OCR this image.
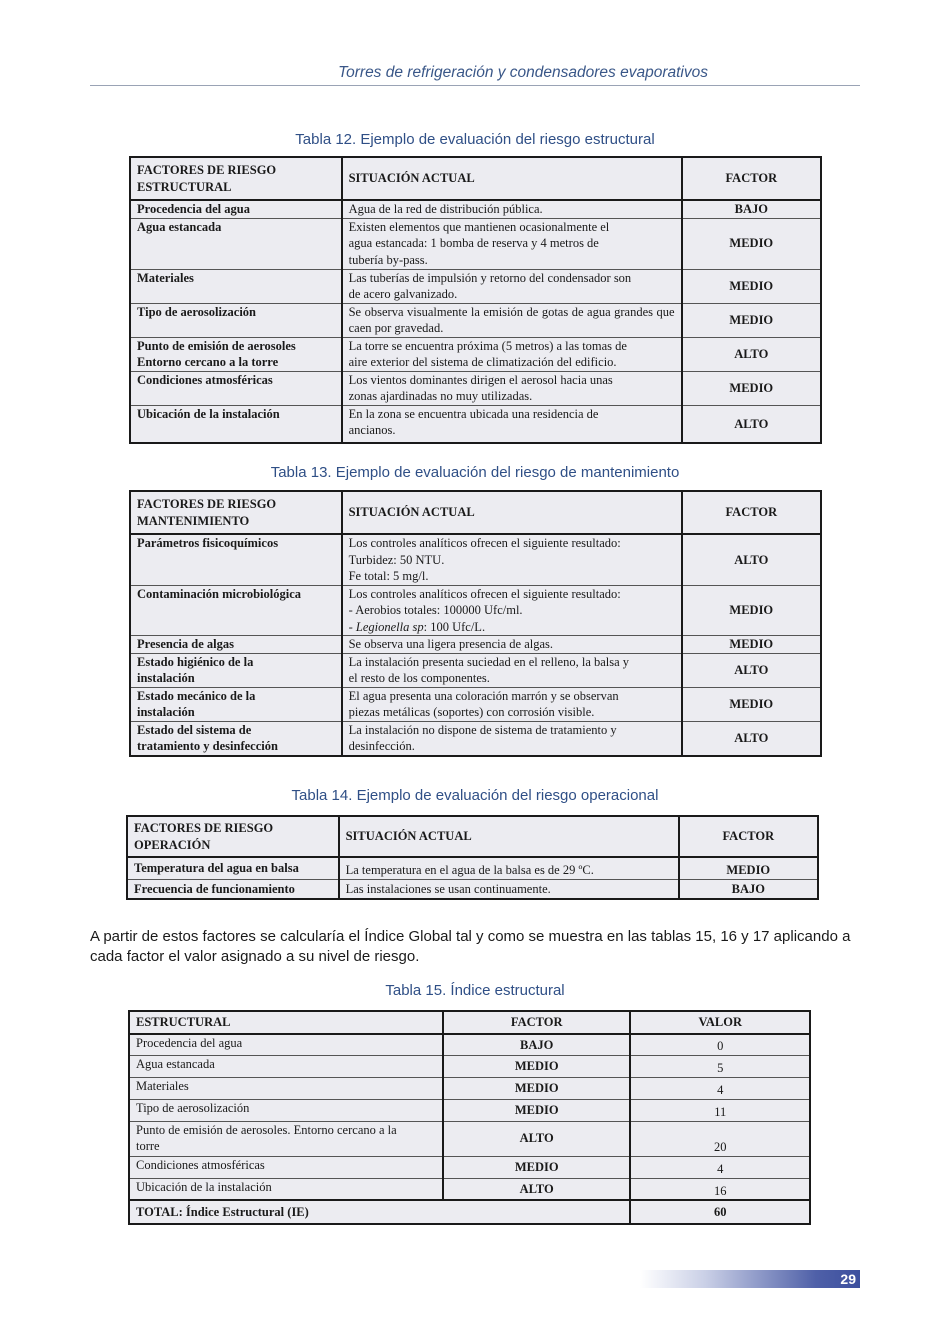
Torres de refrigeración y condensadores evaporativos
Tabla 12. Ejemplo de evaluación del riesgo estructural
FACTORES DE RIESGO
ESTRUCTURAL	SITUACIÓN ACTUAL	FACTOR
Procedencia del agua	Agua de la red de distribución pública.	BAJO
Agua estancada	Existen elementos que mantienen ocasionalmente el
agua estancada: 1 bomba de reserva y 4 metros de
tubería by-pass.	MEDIO
Materiales	Las tuberías de impulsión y retorno del condensador son
de acero galvanizado.	MEDIO
Tipo de aerosolización	Se observa visualmente la emisión de gotas de agua grandes que caen por gravedad.	MEDIO
Punto de emisión de aerosoles
Entorno cercano a la torre	La torre se encuentra próxima (5 metros) a las tomas de
aire exterior del sistema de climatización del edificio.	ALTO
Condiciones atmosféricas	Los vientos dominantes dirigen el aerosol hacia unas
zonas ajardinadas no muy utilizadas.	MEDIO
Ubicación de la instalación	En la zona se encuentra ubicada una residencia de
ancianos.	ALTO
Tabla 13. Ejemplo de evaluación del riesgo de mantenimiento
FACTORES DE RIESGO
MANTENIMIENTO	SITUACIÓN ACTUAL	FACTOR
Parámetros fisicoquímicos	Los controles analíticos ofrecen el siguiente resultado:
Turbidez: 50 NTU.
Fe total: 5 mg/l.	ALTO
Contaminación microbiológica	Los controles analíticos ofrecen el siguiente resultado:
- Aerobios totales: 100000 Ufc/ml.
- Legionella sp: 100 Ufc/L.	MEDIO
Presencia de algas	Se observa una ligera presencia de algas.	MEDIO
Estado higiénico de la
instalación	La instalación presenta suciedad en el relleno, la balsa y
el resto de los componentes.	ALTO
Estado mecánico de la
instalación	El agua presenta una coloración marrón y se observan
piezas metálicas (soportes) con corrosión visible.	MEDIO
Estado del sistema de
tratamiento y desinfección	La instalación no dispone de sistema de tratamiento y
desinfección.	ALTO
Tabla 14. Ejemplo de evaluación del riesgo operacional
FACTORES DE RIESGO
OPERACIÓN	SITUACIÓN ACTUAL	FACTOR
Temperatura del agua en balsa	La temperatura en el agua de la balsa es de 29 ºC.	MEDIO
Frecuencia de funcionamiento	Las instalaciones se usan continuamente.	BAJO
A partir de estos factores se calcularía el Índice Global tal y como se muestra en las tablas 15, 16 y 17 aplicando a cada factor el valor asignado a su nivel de riesgo.
Tabla 15. Índice estructural
ESTRUCTURAL	FACTOR	VALOR
Procedencia del agua	BAJO	0
Agua estancada	MEDIO	5
Materiales	MEDIO	4
Tipo de aerosolización	MEDIO	11
Punto de emisión de aerosoles. Entorno cercano a la
torre	ALTO	20
Condiciones atmosféricas	MEDIO	4
Ubicación de la instalación	ALTO	16
TOTAL: Índice Estructural (IE)		60
29
